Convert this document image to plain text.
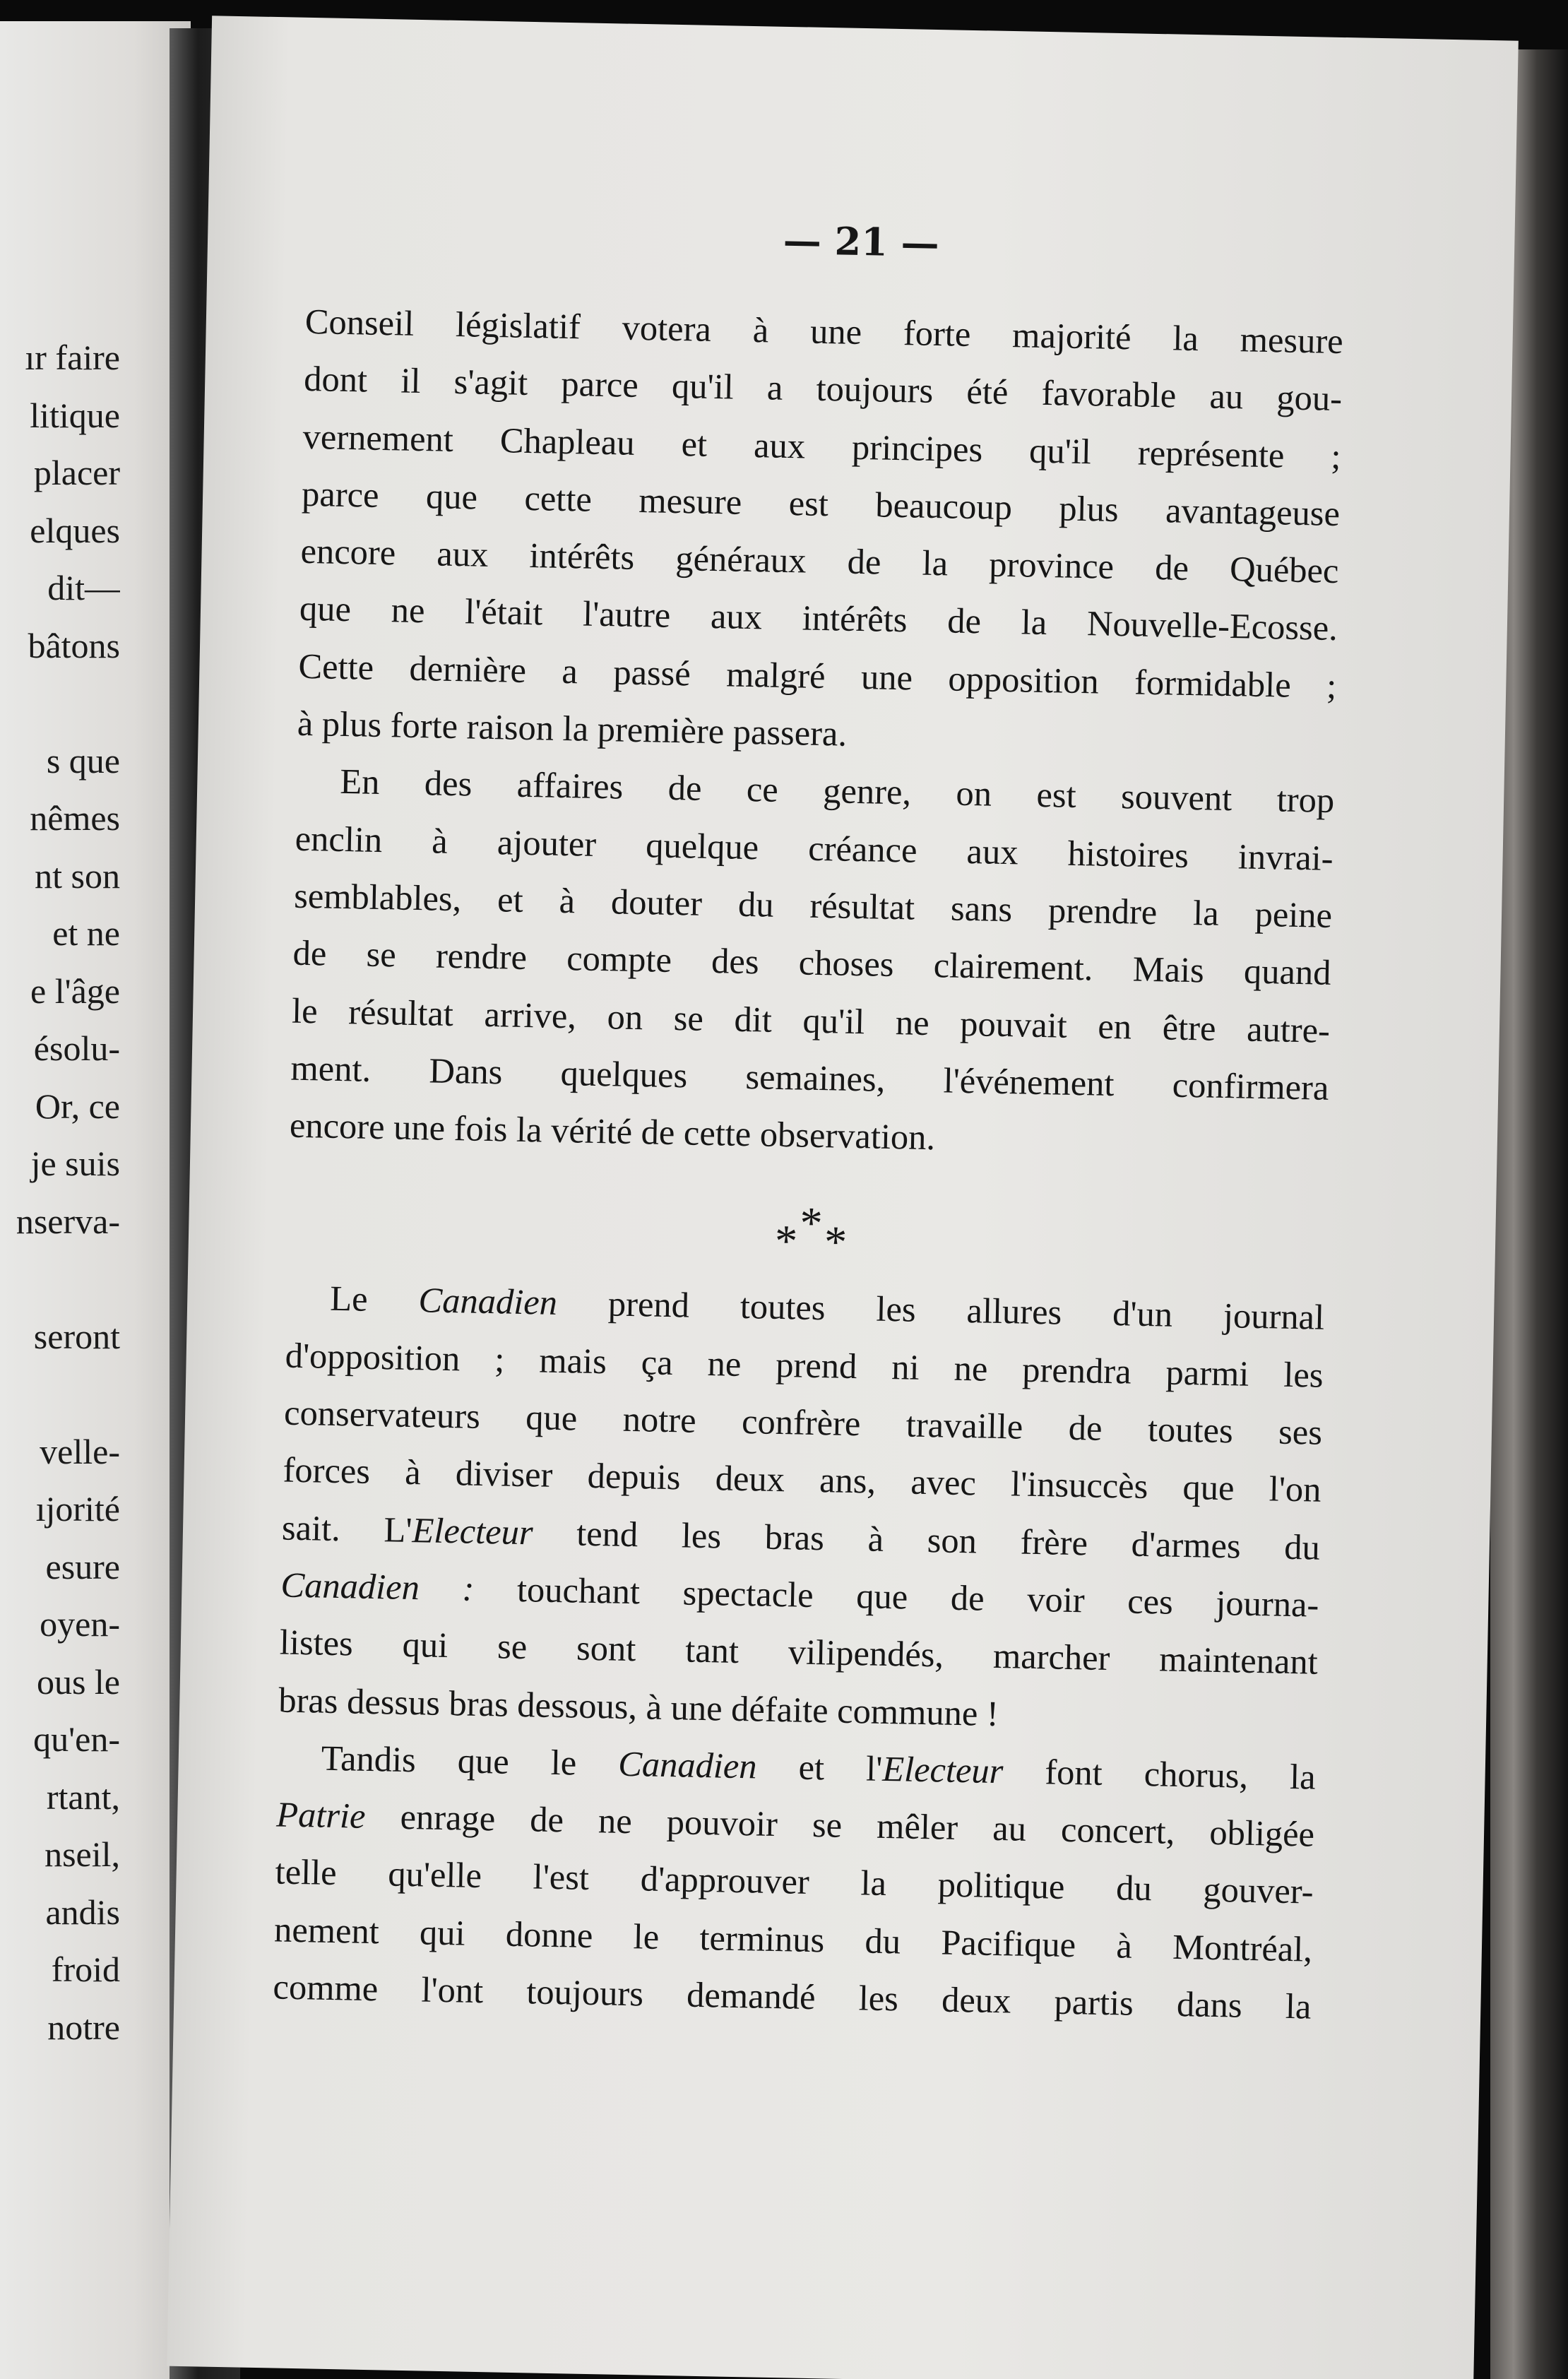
ır faire
litique
placer
elques
dit—
bâtons
s que
nêmes
nt son
et ne
e l'âge
ésolu-
Or, ce
je suis
nserva-
seront
velle-
ıjorité
esure
oyen-
ous le
qu'en-
rtant,
nseil,
andis
froid
notre
— 21 —
Conseil législatif votera à une forte majorité la mesure
dont il s'agit parce qu'il a toujours été favorable au gou-
vernement Chapleau et aux principes qu'il représente ;
parce que cette mesure est beaucoup plus avantageuse
encore aux intérêts généraux de la province de Québec
que ne l'était l'autre aux intérêts de la Nouvelle-Ecosse.
Cette dernière a passé malgré une opposition formidable ;
à plus forte raison la première passera.
En des affaires de ce genre, on est souvent trop
enclin à ajouter quelque créance aux histoires invrai-
semblables, et à douter du résultat sans prendre la peine
de se rendre compte des choses clairement. Mais quand
le résultat arrive, on se dit qu'il ne pouvait en être autre-
ment. Dans quelques semaines, l'événement confirmera
encore une fois la vérité de cette observation.
* * *
Le Canadien prend toutes les allures d'un journal
d'opposition ; mais ça ne prend ni ne prendra parmi les
conservateurs que notre confrère travaille de toutes ses
forces à diviser depuis deux ans, avec l'insuccès que l'on
sait. L'Electeur tend les bras à son frère d'armes du
Canadien : touchant spectacle que de voir ces journa-
listes qui se sont tant vilipendés, marcher maintenant
bras dessus bras dessous, à une défaite commune !
Tandis que le Canadien et l'Electeur font chorus, la
Patrie enrage de ne pouvoir se mêler au concert, obligée
telle qu'elle l'est d'approuver la politique du gouver-
nement qui donne le terminus du Pacifique à Montréal,
comme l'ont toujours demandé les deux partis dans la
